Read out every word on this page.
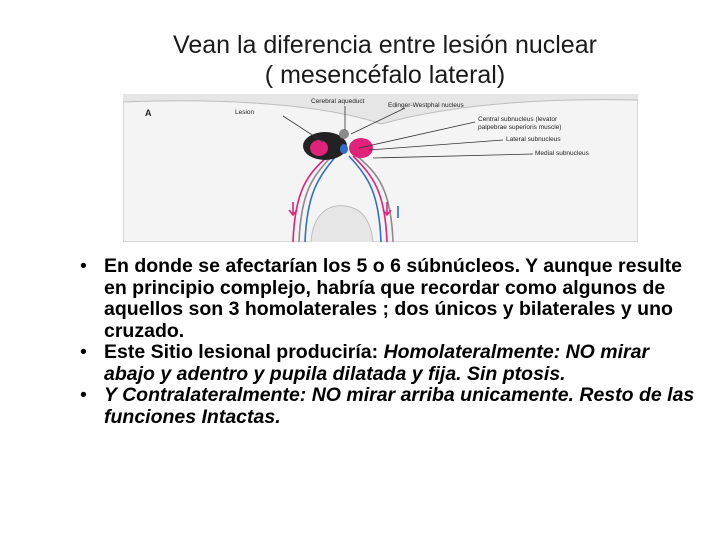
Vean la diferencia entre lesión nuclear
( mesencéfalo lateral)
A	Lesion
Cerebral aqueduct
Edinger-Westphal nucleus
Central subnucleus (levator
palpebrae superioris muscle)
Lateral subnucleus
Medial subnucleus
• En donde se afectarían los 5 o 6 súbnúcleos. Y aunque resulte en principio complejo, habría que recordar como algunos de aquellos son 3 homolaterales ; dos únicos y bilaterales y uno cruzado.
• Este Sitio lesional produciría: Homolateralmente: NO mirar abajo y adentro y pupila dilatada y fija. Sin ptosis.
• Y Contralateralmente: NO mirar arriba unicamente. Resto de las funciones Intactas.
